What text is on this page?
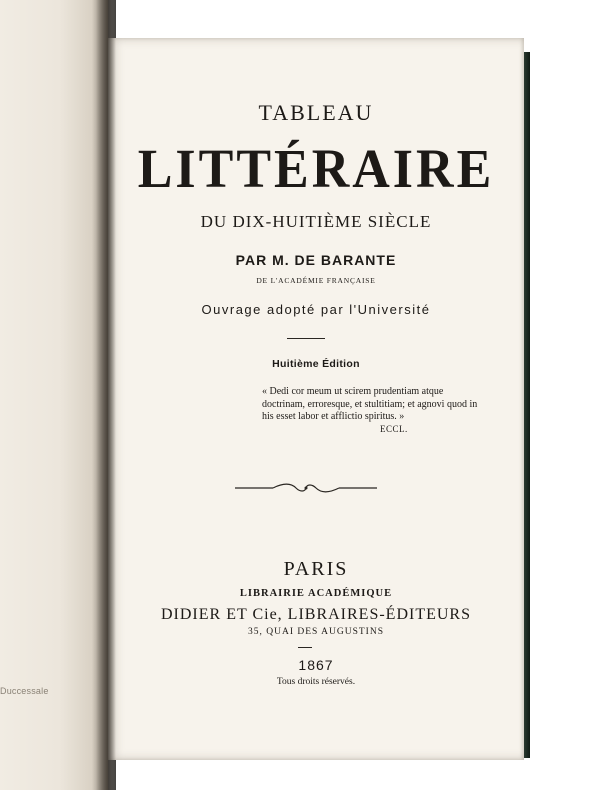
Duccessale
TABLEAU
LITTÉRAIRE
DU DIX-HUITIÈME SIÈCLE
PAR M. DE BARANTE
DE L'ACADÉMIE FRANÇAISE
Ouvrage adopté par l'Université
Huitième Édition
« Dedi cor meum ut scirem prudentiam atque doctrinam, erroresque, et stultitiam; et agnovi quod in his esset labor et afflictio spiritus. »
ECCL.
PARIS
LIBRAIRIE ACADÉMIQUE
DIDIER ET Cie, LIBRAIRES-ÉDITEURS
35, QUAI DES AUGUSTINS
1867
Tous droits réservés.
